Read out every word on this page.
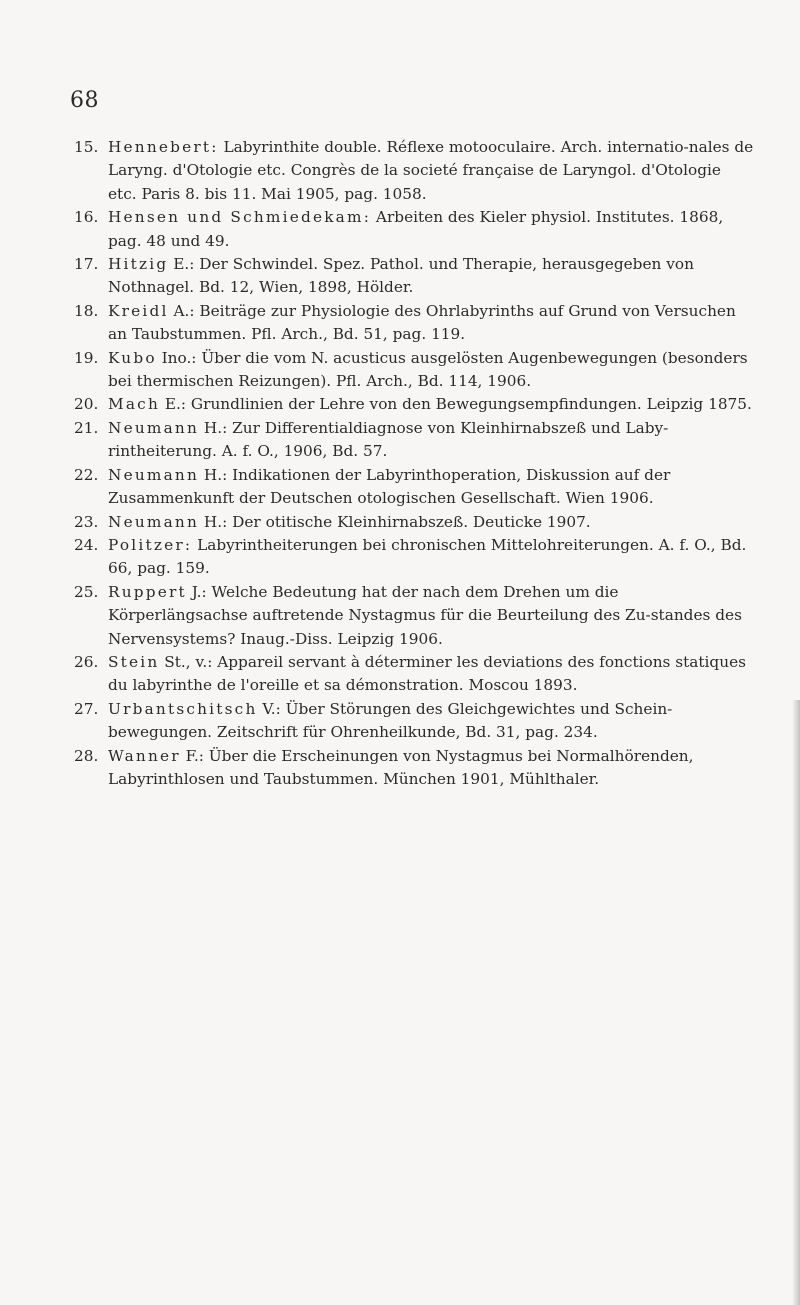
68
15. Hennebert: Labyrinthite double. Réflexe motooculaire. Arch. internatio-nales de Laryng. d'Otologie etc. Congrès de la societé française de Laryngol. d'Otologie etc. Paris 8. bis 11. Mai 1905, pag. 1058.
16. Hensen und Schmiedekam: Arbeiten des Kieler physiol. Institutes. 1868, pag. 48 und 49.
17. Hitzig E.: Der Schwindel. Spez. Pathol. und Therapie, herausgegeben von Nothnagel. Bd. 12, Wien, 1898, Hölder.
18. Kreidl A.: Beiträge zur Physiologie des Ohrlabyrinths auf Grund von Versuchen an Taubstummen. Pfl. Arch., Bd. 51, pag. 119.
19. Kubo Ino.: Über die vom N. acusticus ausgelösten Augenbewegungen (besonders bei thermischen Reizungen). Pfl. Arch., Bd. 114, 1906.
20. Mach E.: Grundlinien der Lehre von den Bewegungsempfindungen. Leipzig 1875.
21. Neumann H.: Zur Differentialdiagnose von Kleinhirnabszeß und Laby-rintheiterung. A. f. O., 1906, Bd. 57.
22. Neumann H.: Indikationen der Labyrinthoperation, Diskussion auf der Zusammenkunft der Deutschen otologischen Gesellschaft. Wien 1906.
23. Neumann H.: Der otitische Kleinhirnabszeß. Deuticke 1907.
24. Politzer: Labyrintheiterungen bei chronischen Mittelohreiterungen. A. f. O., Bd. 66, pag. 159.
25. Ruppert J.: Welche Bedeutung hat der nach dem Drehen um die Körperlängsachse auftretende Nystagmus für die Beurteilung des Zu-standes des Nervensystems? Inaug.-Diss. Leipzig 1906.
26. Stein St., v.: Appareil servant à déterminer les deviations des fonctions statiques du labyrinthe de l'oreille et sa démonstration. Moscou 1893.
27. Urbantschitsch V.: Über Störungen des Gleichgewichtes und Schein-bewegungen. Zeitschrift für Ohrenheilkunde, Bd. 31, pag. 234.
28. Wanner F.: Über die Erscheinungen von Nystagmus bei Normalhörenden, Labyrinthlosen und Taubstummen. München 1901, Mühlthaler.
